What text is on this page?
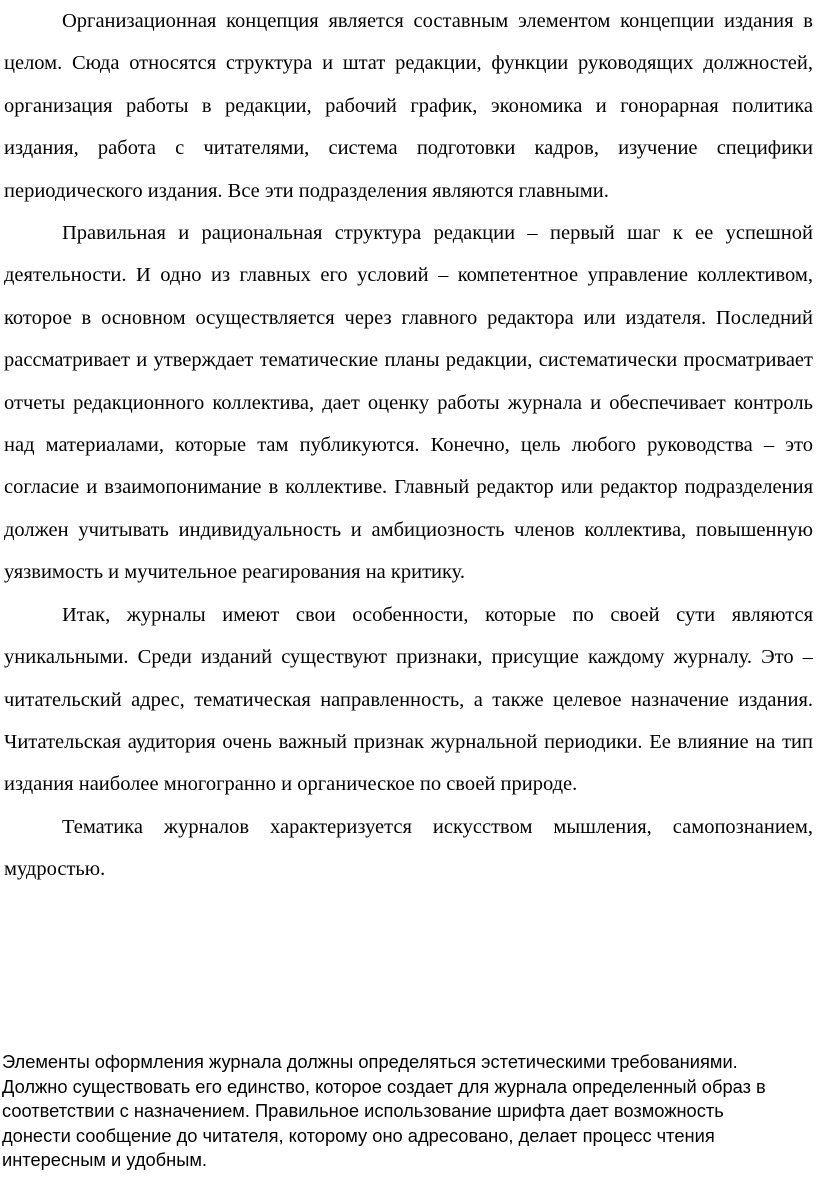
Организационная концепция является составным элементом концепции издания в целом. Сюда относятся структура и штат редакции, функции руководящих должностей, организация работы в редакции, рабочий график, экономика и гонорарная политика издания, работа с читателями, система подготовки кадров, изучение специфики периодического издания. Все эти подразделения являются главными.

Правильная и рациональная структура редакции – первый шаг к ее успешной деятельности. И одно из главных его условий – компетентное управление коллективом, которое в основном осуществляется через главного редактора или издателя. Последний рассматривает и утверждает тематические планы редакции, систематически просматривает отчеты редакционного коллектива, дает оценку работы журнала и обеспечивает контроль над материалами, которые там публикуются. Конечно, цель любого руководства – это согласие и взаимопонимание в коллективе. Главный редактор или редактор подразделения должен учитывать индивидуальность и амбициозность членов коллектива, повышенную уязвимость и мучительное реагирования на критику.

Итак, журналы имеют свои особенности, которые по своей сути являются уникальными. Среди изданий существуют признаки, присущие каждому журналу. Это – читательский адрес, тематическая направленность, а также целевое назначение издания. Читательская аудитория очень важный признак журнальной периодики. Ее влияние на тип издания наиболее многогранно и органическое по своей природе.

Тематика журналов характеризуется искусством мышления, самопознанием, мудростью.

Элементы оформления журнала должны определяться эстетическими требованиями. Должно существовать его единство, которое создает для журнала определенный образ в соответствии с назначением. Правильное использование шрифта дает возможность донести сообщение до читателя, которому оно адресовано, делает процесс чтения интересным и удобным.
